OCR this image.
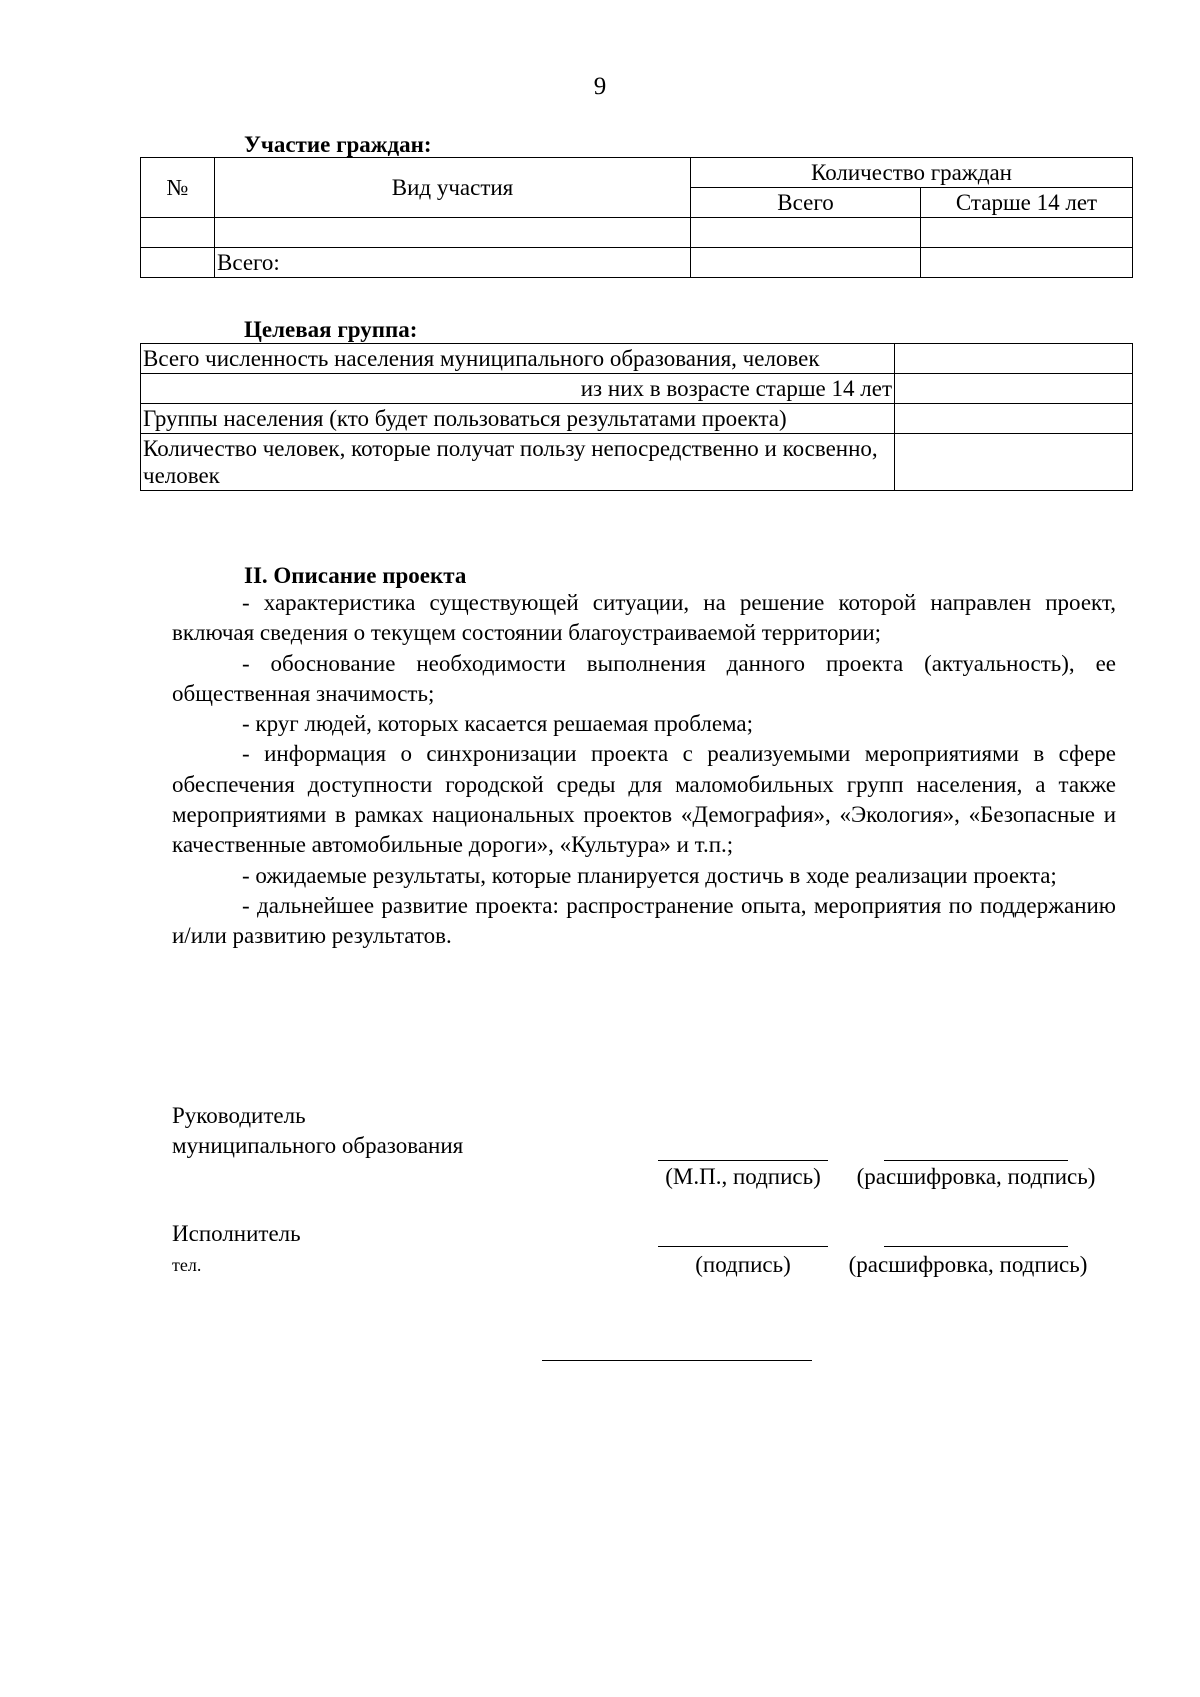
9
Участие граждан:
№	Вид участия	Количество граждан	
		Всего	Старше 14 лет

	Всего:		
Целевая группа:
Всего численность населения муниципального образования, человек	
из них в возрасте старше 14 лет	
Группы населения (кто будет пользоваться результатами проекта)	
Количество человек, которые получат пользу непосредственно и косвенно, человек	
II. Описание проекта

- характеристика существующей ситуации, на решение которой направлен проект, включая сведения о текущем состоянии благоустраиваемой территории;

- обоснование необходимости выполнения данного проекта (актуальность), ее общественная значимость;

- круг людей, которых касается решаемая проблема;

- информация о синхронизации проекта с реализуемыми мероприятиями в сфере обеспечения доступности городской среды для маломобильных групп населения, а также мероприятиями в рамках национальных проектов «Демография», «Экология», «Безопасные и качественные автомобильные дороги», «Культура» и т.п.;

- ожидаемые результаты, которые планируется достичь в ходе реализации проекта;

- дальнейшее развитие проекта: распространение опыта, мероприятия по поддержанию и/или развитию результатов.

Руководитель
муниципального образования
(М.П., подпись)	(расшифровка, подпись)
Исполнитель
тел.	(подпись)	(расшифровка, подпись)
